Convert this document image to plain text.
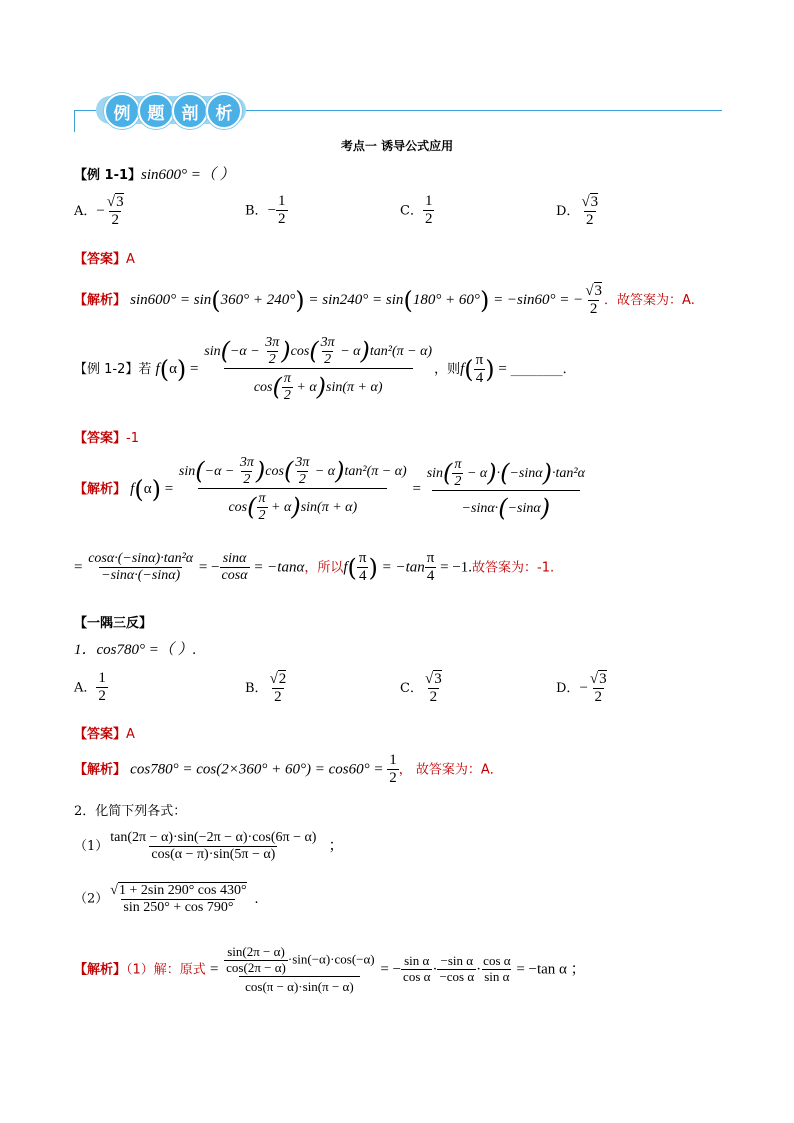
例	题	剖	析
考点一 诱导公式应用
【例 1-1】sin600° =（ ）
A．− $\frac{√3}{2}$	B．− $\frac{1}{2}$	C． $\frac{1}{2}$	D． $\frac{√3}{2}$
【答案】A
【解析】 sin600° = sin(360° + 240°) = sin240° = sin(180° + 60°) = −sin60° = − $\frac{√3}{2}$ ．故答案为：A.
【例 1-2】若 $f(\alpha) = \frac{\sin(-\alpha - \frac{3\pi}{2} )\cos( \frac{3\pi}{2} - \alpha)\tan^2(\pi - \alpha)}{\cos( \frac{\pi}{2} + \alpha)\sin(\pi + \alpha)}$ ，则$f( \frac{\pi}{4}$ ) = ________．
【答案】-1
【解析】 $f(\alpha) = \frac{\sin(-\alpha - \frac{3\pi}{2} )\cos( \frac{3\pi}{2} - \alpha)\tan^2(\pi - \alpha)}{\cos( \frac{\pi}{2} + \alpha)\sin(\pi + \alpha)} = \frac{\sin( \frac{\pi}{2} - \alpha)\cdot(-\sin\alpha)\cdot\tan^2\alpha}{-\sin\alpha\cdot(-\sin\alpha)}$
= $\frac{\text{cosα·(−sinα)·tan²α}}{-\sin\alpha\cdot(-\sin\alpha)}$ = − $\frac{\sin\alpha}{\cos\alpha} = -\tan\alpha$，所以$f( \frac{\pi}{4}$ ) = $-\tan \frac{\pi}{4} = -1$.故答案为：-1.
【一隅三反】
1．cos780° =（ ）.
A． $\frac{1}{2}$	B． $\frac{√2}{2}$	C． $\frac{√3}{2}$	D．− $\frac{√3}{2}$
【答案】A
【解析】 $\cos 780^\circ = \cos(2\times 360^\circ + 60^\circ) = \cos 60^\circ = \frac{1}{2}$ ， 故答案为：A．
2．化简下列各式：
$(1) \frac{\tan(2\pi - \alpha)\cdot\sin(-2\pi - \alpha)\cdot\cos(6\pi - \alpha)}{\cos(\alpha - \pi)\cdot\sin(5\pi - \alpha)}$ ；
$(2) \frac{√1 + 2\sin 290^\circ \cos 430^\circ}{\sin 250^\circ + \cos 790^\circ}$ .
【解析】（1）解：原式 = $\frac{\frac{\sin(2\pi - \alpha)}{\cos(2\pi - \alpha)} \cdot\sin(-\alpha)\cdot\cos(-\alpha)}{\cos(\pi - \alpha)\cdot\sin(\pi - \alpha)}$ = − $\frac{\text{sin α}}{\text{cos α}} \cdot \frac{\text{−sin α}}{\text{−cos α}} \cdot \frac{\text{cos α}}{\text{sin α}} = -\tan$ α ；
